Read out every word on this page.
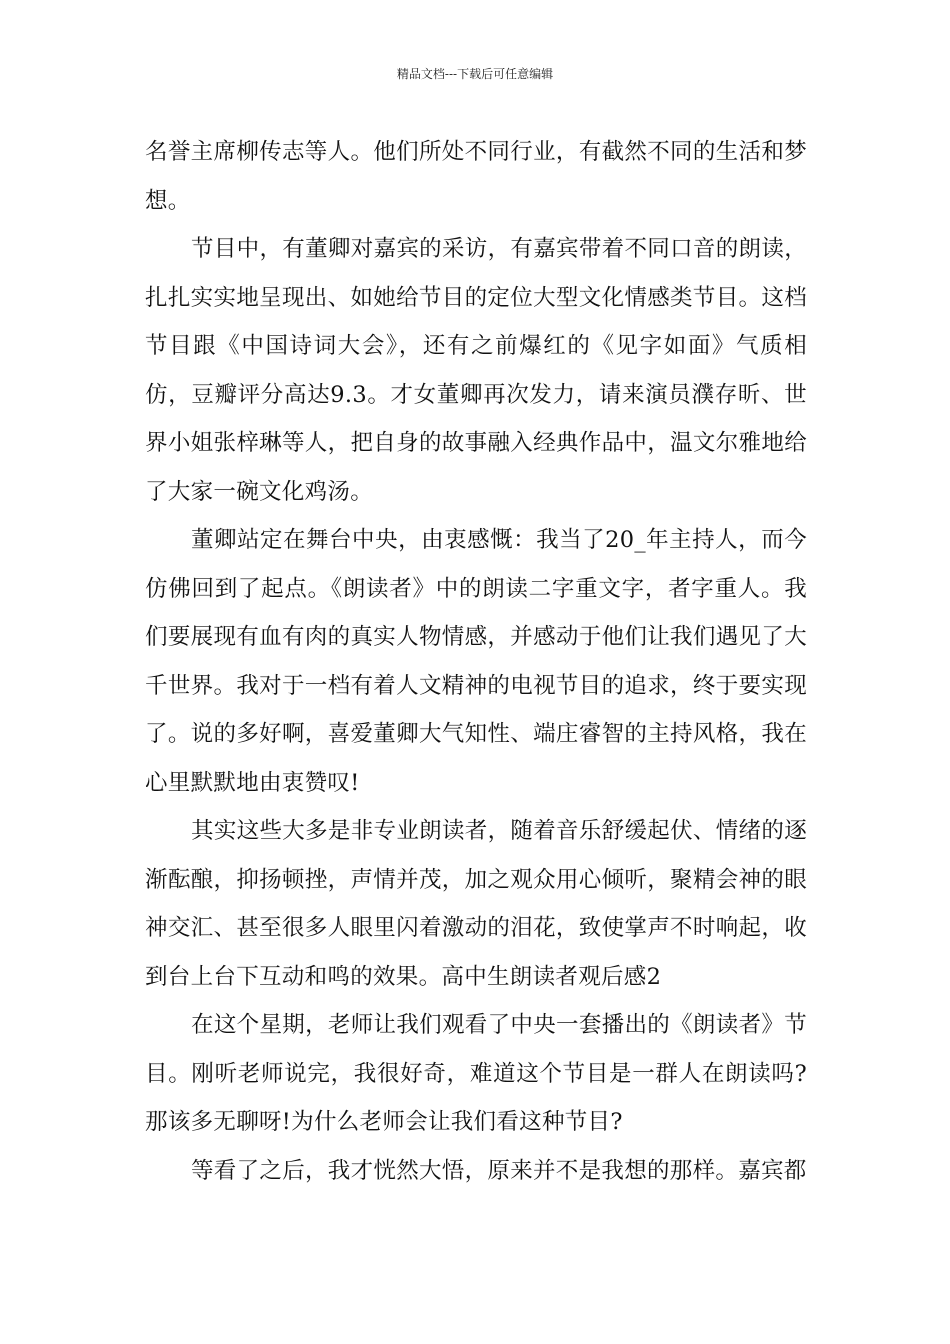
精品文档---下载后可任意编辑

名誉主席柳传志等人。他们所处不同行业，有截然不同的生活和梦想。

节目中，有董卿对嘉宾的采访，有嘉宾带着不同口音的朗读，扎扎实实地呈现出、如她给节目的定位大型文化情感类节目。这档节目跟《中国诗词大会》，还有之前爆红的《见字如面》气质相仿，豆瓣评分高达9.3。才女董卿再次发力，请来演员濮存昕、世界小姐张梓琳等人，把自身的故事融入经典作品中，温文尔雅地给了大家一碗文化鸡汤。

董卿站定在舞台中央，由衷感慨：我当了20_年主持人，而今仿佛回到了起点。《朗读者》中的朗读二字重文字，者字重人。我们要展现有血有肉的真实人物情感，并感动于他们让我们遇见了大千世界。我对于一档有着人文精神的电视节目的追求，终于要实现了。说的多好啊，喜爱董卿大气知性、端庄睿智的主持风格，我在心里默默地由衷赞叹!

其实这些大多是非专业朗读者，随着音乐舒缓起伏、情绪的逐渐酝酿，抑扬顿挫，声情并茂，加之观众用心倾听，聚精会神的眼神交汇、甚至很多人眼里闪着激动的泪花，致使掌声不时响起，收到台上台下互动和鸣的效果。高中生朗读者观后感2

在这个星期，老师让我们观看了中央一套播出的《朗读者》节目。刚听老师说完，我很好奇，难道这个节目是一群人在朗读吗?那该多无聊呀!为什么老师会让我们看这种节目?

等看了之后，我才恍然大悟，原来并不是我想的那样。嘉宾都
